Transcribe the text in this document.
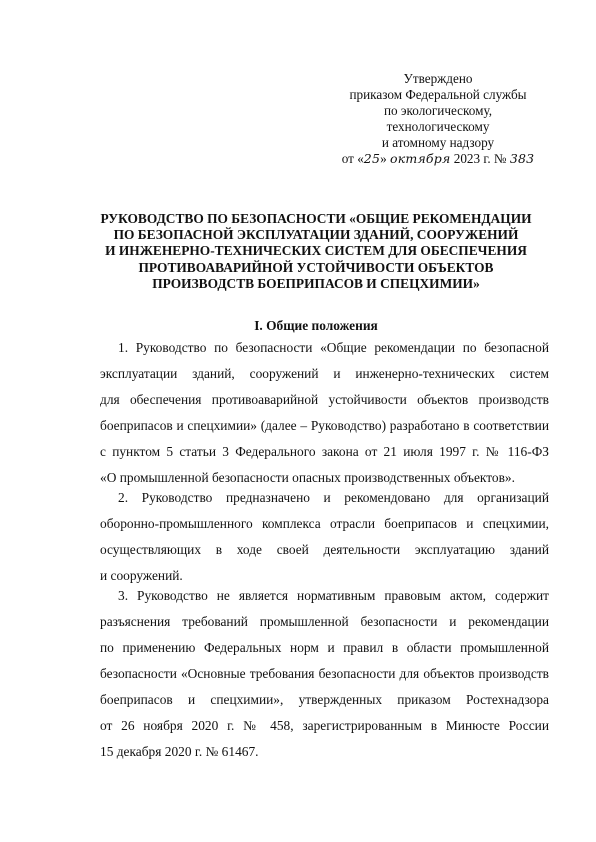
Утверждено
приказом Федеральной службы
по экологическому,
технологическому
и атомному надзору
от «25» октября 2023 г. № 383
РУКОВОДСТВО ПО БЕЗОПАСНОСТИ «ОБЩИЕ РЕКОМЕНДАЦИИ
ПО БЕЗОПАСНОЙ ЭКСПЛУАТАЦИИ ЗДАНИЙ, СООРУЖЕНИЙ
И ИНЖЕНЕРНО-ТЕХНИЧЕСКИХ СИСТЕМ ДЛЯ ОБЕСПЕЧЕНИЯ
ПРОТИВОАВАРИЙНОЙ УСТОЙЧИВОСТИ ОБЪЕКТОВ
ПРОИЗВОДСТВ БОЕПРИПАСОВ И СПЕЦХИМИИ»
I. Общие положения
1. Руководство по безопасности «Общие рекомендации по безопасной
эксплуатации зданий, сооружений и инженерно-технических систем
для обеспечения противоаварийной устойчивости объектов производств
боеприпасов и спецхимии» (далее – Руководство) разработано в соответствии
с пунктом 5 статьи 3 Федерального закона от 21 июля 1997 г. № 116-ФЗ
«О промышленной безопасности опасных производственных объектов».
2. Руководство предназначено и рекомендовано для организаций
оборонно-промышленного комплекса отрасли боеприпасов и спецхимии,
осуществляющих в ходе своей деятельности эксплуатацию зданий
и сооружений.
3. Руководство не является нормативным правовым актом, содержит
разъяснения требований промышленной безопасности и рекомендации
по применению Федеральных норм и правил в области промышленной
безопасности «Основные требования безопасности для объектов производств
боеприпасов и спецхимии», утвержденных приказом Ростехнадзора
от 26 ноября 2020 г. № 458, зарегистрированным в Минюсте России
15 декабря 2020 г. № 61467.
